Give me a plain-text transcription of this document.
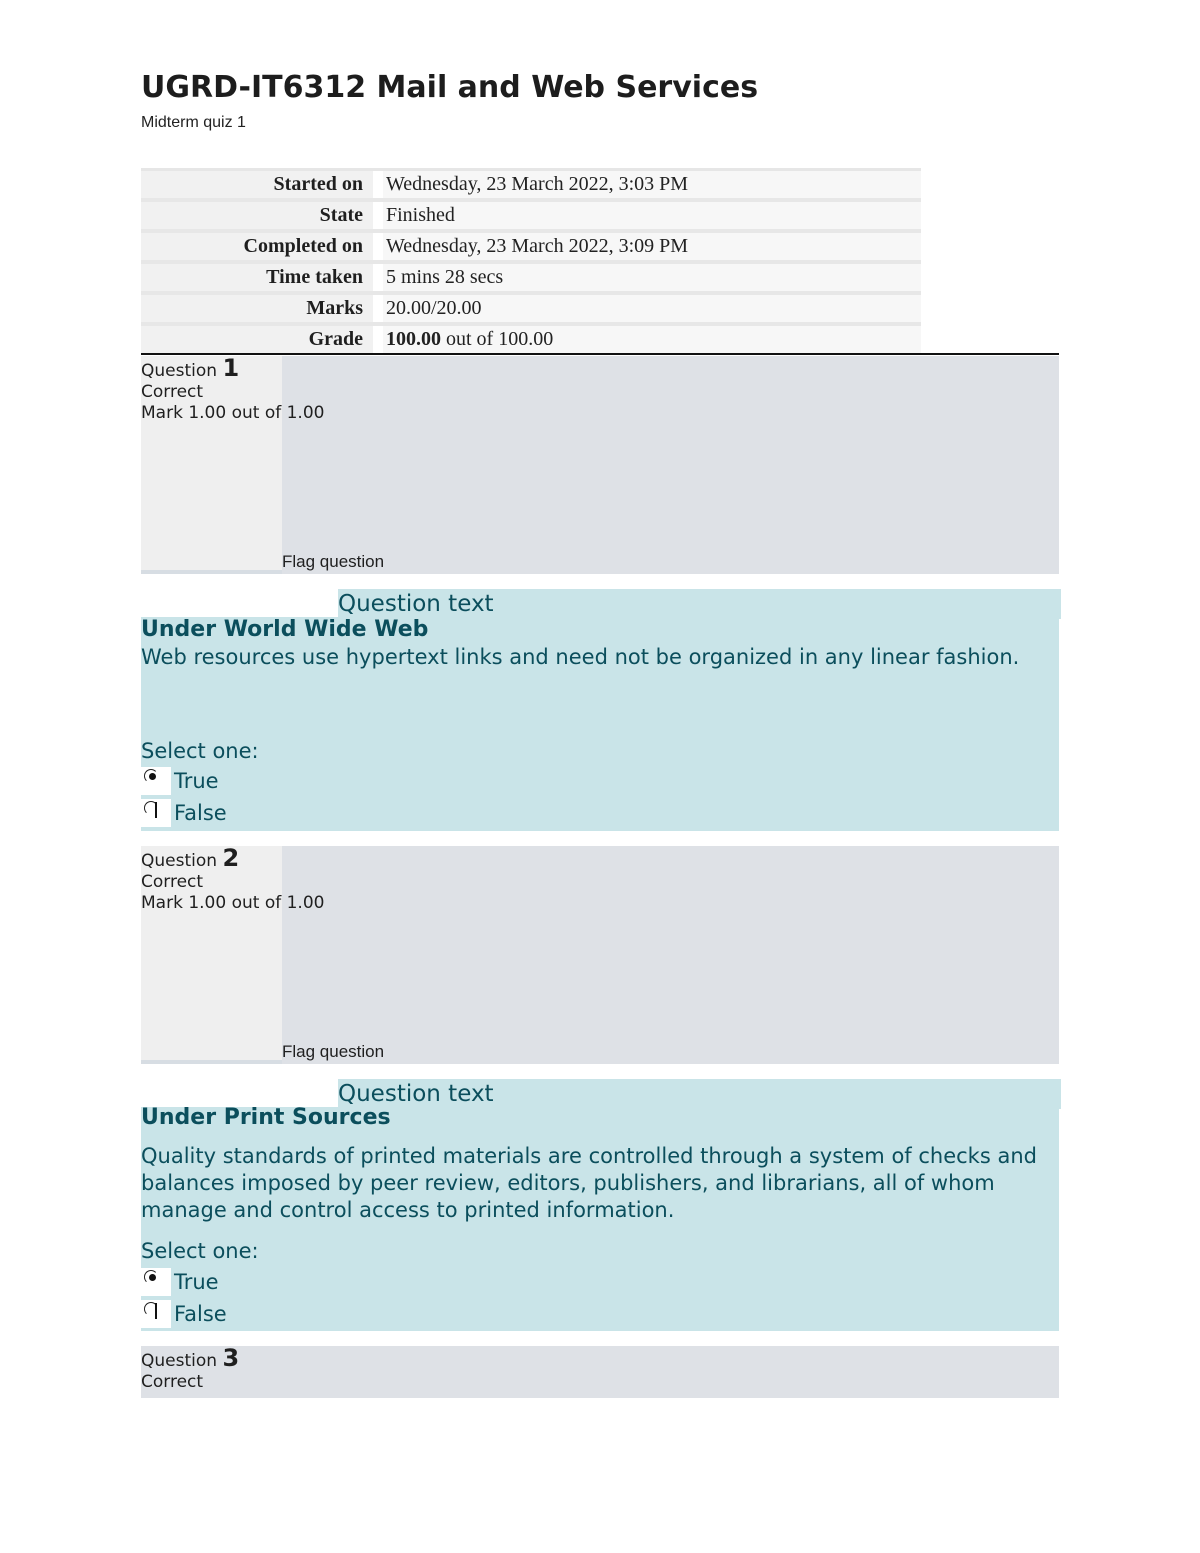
UGRD-IT6312 Mail and Web Services
Midterm quiz 1
Started on		Wednesday, 23 March 2022, 3:03 PM
State		Finished
Completed on		Wednesday, 23 March 2022, 3:09 PM
Time taken		5 mins 28 secs
Marks		20.00/20.00
Grade		100.00 out of 100.00
Question 1
Correct
Mark 1.00 out of 1.00
Flag question
Question text
Under World Wide Web
Web resources use hypertext links and need not be organized in any linear fashion.
Select one:
True
False
Question 2
Correct
Mark 1.00 out of 1.00
Flag question
Question text
Under Print Sources
Quality standards of printed materials are controlled through a system of checks and balances imposed by peer review, editors, publishers, and librarians, all of whom manage and control access to printed information.
Select one:
True
False
Question 3
Correct
